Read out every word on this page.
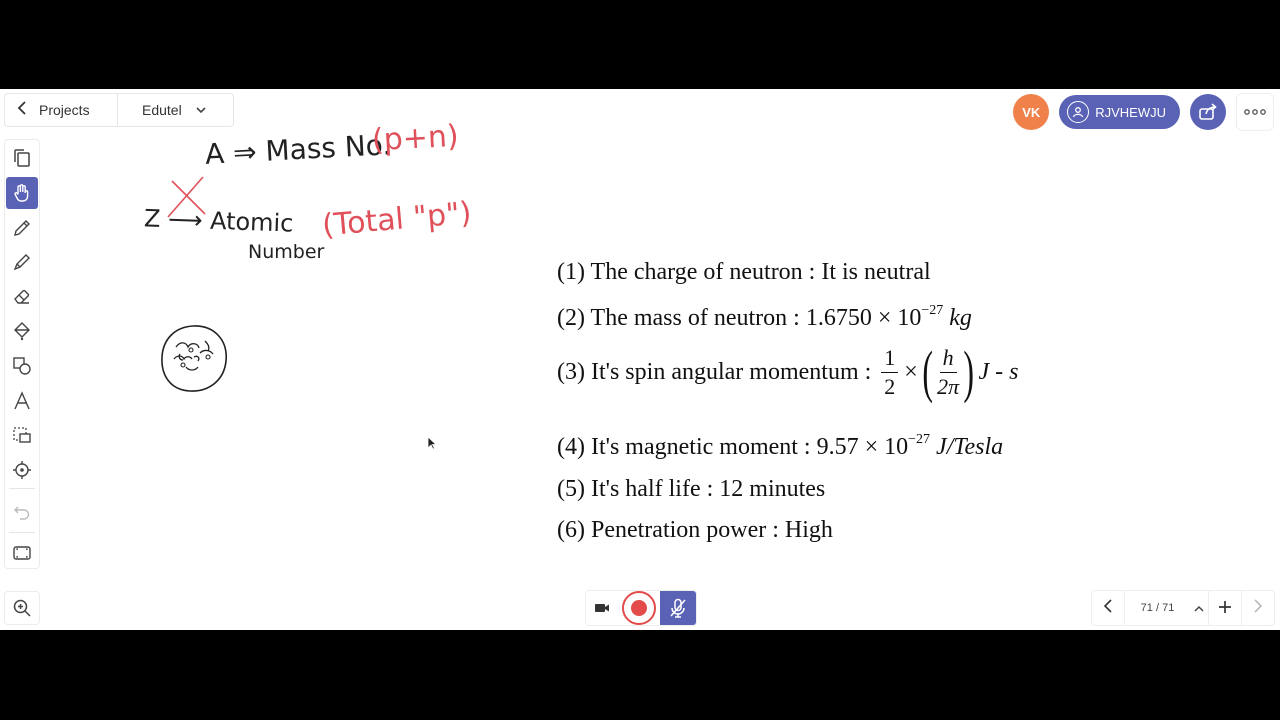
Projects	Edutel	VK	RJVHEWJU
A ⇒ Mass No.
(p+n)
Z ⟶ Atomic
Number
(Total "p")
(1) The charge of neutron : It is neutral
(2) The mass of neutron : $1.6750 \times 10^{-27}$ kg
(3) It's spin angular momentum : $\frac{1}{2}$ × ( $\frac{h}{2\pi}$ ) J - s
(4) It's magnetic moment : $9.57 \times 10^{-27}$ J/Tesla
(5) It's half life : 12 minutes
(6) Penetration power : High
71 / 71
